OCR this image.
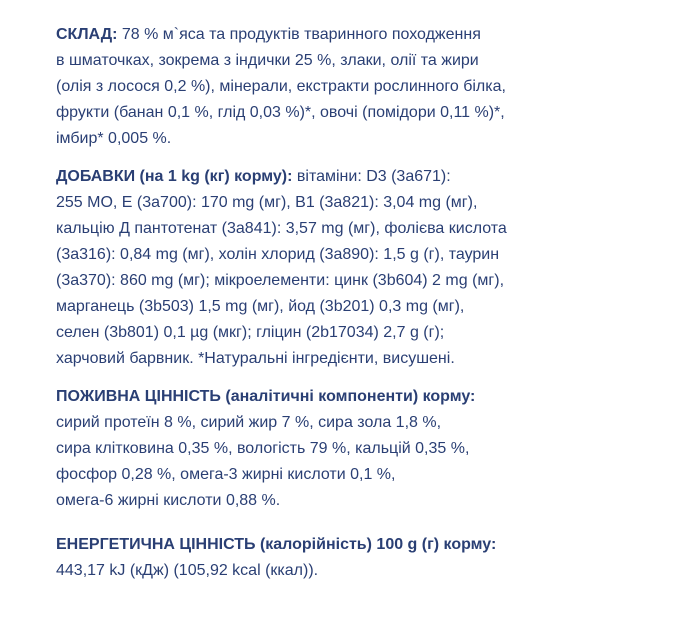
СКЛАД: 78 % м`яса та продуктів тваринного походження
в шматочках, зокрема з індички 25 %, злаки, олії та жири
(олія з лосося 0,2 %), мінерали, екстракти рослинного білка,
фрукти (банан 0,1 %, глід 0,03 %)*, овочі (помідори 0,11 %)*,
імбир* 0,005 %.
ДОБАВКИ (на 1 kg (кг) корму): вітаміни: D3 (3а671):
255 МО, Е (3а700): 170 mg (мг), В1 (3а821): 3,04 mg (мг),
кальцію Д пантотенат (3а841): 3,57 mg (мг), фолієва кислота
(3а316): 0,84 mg (мг), холін хлорид (3а890): 1,5 g (г), таурин
(3а370): 860 mg (мг); мікроелементи: цинк (3b604) 2 mg (мг),
марганець (3b503) 1,5 mg (мг), йод (3b201) 0,3 mg (мг),
селен (3b801) 0,1 µg (мкг); гліцин (2b17034) 2,7 g (г);
харчовий барвник. *Натуральні інгредієнти, висушені.
ПОЖИВНА ЦІННІСТЬ (аналітичні компоненти) корму:
сирий протеїн 8 %, сирий жир 7 %, сира зола 1,8 %,
сира клітковина 0,35 %, вологість 79 %, кальцій 0,35 %,
фосфор 0,28 %, омега-3 жирні кислоти 0,1 %,
омега-6 жирні кислоти 0,88 %.
ЕНЕРГЕТИЧНА ЦІННІСТЬ (калорійність) 100 g (г) корму:
443,17 kJ (кДж) (105,92 kcal (ккал)).
